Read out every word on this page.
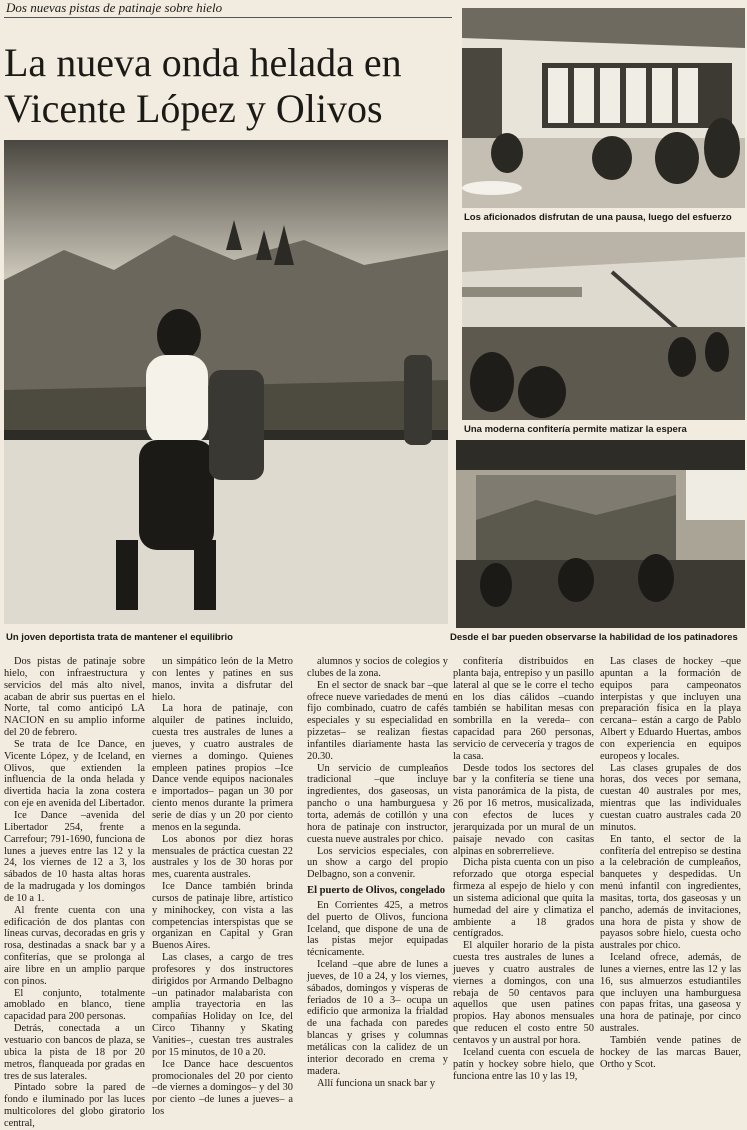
Dos nuevas pistas de patinaje sobre hielo
La nueva onda helada en
Vicente López y Olivos
Un joven deportista trata de mantener el equilibrio
Los aficionados disfrutan de una pausa, luego del esfuerzo
Una moderna confitería permite matizar la espera
Desde el bar pueden observarse la habilidad de los patinadores

Dos pistas de patinaje sobre hielo, con infraestructura y servicios del más alto nivel, acaban de abrir sus puertas en el Norte, tal como anticipó LA NACION en su amplio informe del 20 de febrero.

Se trata de Ice Dance, en Vicente López, y de Iceland, en Olivos, que extienden la influencia de la onda helada y divertida hacia la zona costera con eje en avenida del Libertador.

Ice Dance –avenida del Libertador 254, frente a Carrefour; 791-1690, funciona de lunes a jueves entre las 12 y la 24, los viernes de 12 a 3, los sábados de 10 hasta altas horas de la madrugada y los domingos de 10 a 1.

Al frente cuenta con una edificación de dos plantas con líneas curvas, decoradas en gris y rosa, destinadas a snack bar y a confiterías, que se prolonga al aire libre en un amplio parque con pinos.

El conjunto, totalmente amoblado en blanco, tiene capacidad para 200 personas.

Detrás, conectada a un vestuario con bancos de plaza, se ubica la pista de 18 por 20 metros, flanqueada por gradas en tres de sus laterales.

Pintado sobre la pared de fondo e iluminado por las luces multicolores del globo giratorio central,

un simpático león de la Metro con lentes y patines en sus manos, invita a disfrutar del hielo.

La hora de patinaje, con alquiler de patines incluido, cuesta tres australes de lunes a jueves, y cuatro australes de viernes a domingo. Quienes empleen patines propios –Ice Dance vende equipos nacionales e importados– pagan un 30 por ciento menos durante la primera serie de días y un 20 por ciento menos en la segunda.

Los abonos por diez horas mensuales de práctica cuestan 22 australes y los de 30 horas por mes, cuarenta australes.

Ice Dance también brinda cursos de patinaje libre, artístico y minihockey, con vista a las competencias interspistas que se organizan en Capital y Gran Buenos Aires.

Las clases, a cargo de tres profesores y dos instructores dirigidos por Armando Delbagno –un patinador malabarista con amplia trayectoria en las compañías Holiday on Ice, del Circo Tihanny y Skating Vanities–, cuestan tres australes por 15 minutos, de 10 a 20.

Ice Dance hace descuentos promocionales del 20 por ciento –de viernes a domingos– y del 30 por ciento –de lunes a jueves– a los

alumnos y socios de colegios y clubes de la zona.

En el sector de snack bar –que ofrece nueve variedades de menú fijo combinado, cuatro de cafés especiales y su especialidad en pizzetas– se realizan fiestas infantiles diariamente hasta las 20.30.

Un servicio de cumpleaños tradicional –que incluye ingredientes, dos gaseosas, un pancho o una hamburguesa y torta, además de cotillón y una hora de patinaje con instructor, cuesta nueve australes por chico.

Los servicios especiales, con un show a cargo del propio Delbagno, son a convenir.

El puerto de Olivos, congelado

En Corrientes 425, a metros del puerto de Olivos, funciona Iceland, que dispone de una de las pistas mejor equipadas técnicamente.

Iceland –que abre de lunes a jueves, de 10 a 24, y los viernes, sábados, domingos y vísperas de feriados de 10 a 3– ocupa un edificio que armoniza la frialdad de una fachada con paredes blancas y grises y columnas metálicas con la calidez de un interior decorado en crema y madera.

Allí funciona un snack bar y

confitería distribuidos en planta baja, entrepiso y un pasillo lateral al que se le corre el techo en los días cálidos –cuando también se habilitan mesas con sombrilla en la vereda– con capacidad para 260 personas, servicio de cervecería y tragos de la casa.

Desde todos los sectores del bar y la confitería se tiene una vista panorámica de la pista, de 26 por 16 metros, musicalizada, con efectos de luces y jerarquizada por un mural de un paisaje nevado con casitas alpinas en sobrerrelieve.

Dicha pista cuenta con un piso reforzado que otorga especial firmeza al espejo de hielo y con un sistema adicional que quita la humedad del aire y climatiza el ambiente a 18 grados centígrados.

El alquiler horario de la pista cuesta tres australes de lunes a jueves y cuatro australes de viernes a domingos, con una rebaja de 50 centavos para aquellos que usen patines propios. Hay abonos mensuales que reducen el costo entre 50 centavos y un austral por hora.

Iceland cuenta con escuela de patín y hockey sobre hielo, que funciona entre las 10 y las 19,

Las clases de hockey –que apuntan a la formación de equipos para campeonatos interpistas y que incluyen una preparación física en la playa cercana– están a cargo de Pablo Albert y Eduardo Huertas, ambos con experiencia en equipos europeos y locales.

Las clases grupales de dos horas, dos veces por semana, cuestan 40 australes por mes, mientras que las individuales cuestan cuatro australes cada 20 minutos.

En tanto, el sector de la confitería del entrepiso se destina a la celebración de cumpleaños, banquetes y despedidas. Un menú infantil con ingredientes, masitas, torta, dos gaseosas y un pancho, además de invitaciones, una hora de pista y show de payasos sobre hielo, cuesta ocho australes por chico.

Iceland ofrece, además, de lunes a viernes, entre las 12 y las 16, sus almuerzos estudiantiles que incluyen una hamburguesa con papas fritas, una gaseosa y una hora de patinaje, por cinco australes.

También vende patines de hockey de las marcas Bauer, Ortho y Scot.
